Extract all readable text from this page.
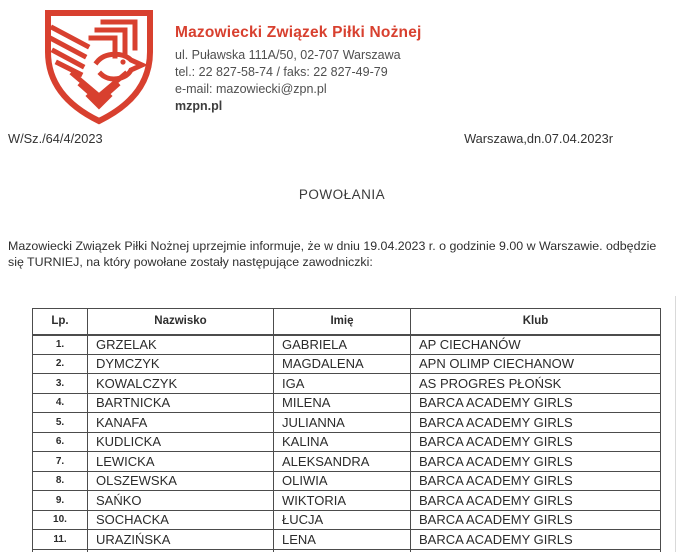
Mazowiecki Związek Piłki Nożnej
ul. Puławska 111A/50, 02-707 Warszawa
tel.: 22 827-58-74 / faks: 22 827-49-79
e-mail: mazowiecki@zpn.pl
mzpn.pl
W/Sz./64/4/2023	Warszawa,dn.07.04.2023r
POWOŁANIA
Mazowiecki Związek Piłki Nożnej uprzejmie informuje, że w dniu 19.04.2023 r. o godzinie 9.00 w Warszawie. odbędzie się TURNIEJ, na który powołane zostały następujące zawodniczki:
Lp.	Nazwisko	Imię	Klub
1.	GRZELAK	GABRIELA	AP CIECHANÓW
2.	DYMCZYK	MAGDALENA	APN OLIMP CIECHANOW
3.	KOWALCZYK	IGA	AS PROGRES PŁOŃSK
4.	BARTNICKA	MILENA	BARCA ACADEMY GIRLS
5.	KANAFA	JULIANNA	BARCA ACADEMY GIRLS
6.	KUDLICKA	KALINA	BARCA ACADEMY GIRLS
7.	LEWICKA	ALEKSANDRA	BARCA ACADEMY GIRLS
8.	OLSZEWSKA	OLIWIA	BARCA ACADEMY GIRLS
9.	SAŃKO	WIKTORIA	BARCA ACADEMY GIRLS
10.	SOCHACKA	ŁUCJA	BARCA ACADEMY GIRLS
11.	URAZIŃSKA	LENA	BARCA ACADEMY GIRLS
